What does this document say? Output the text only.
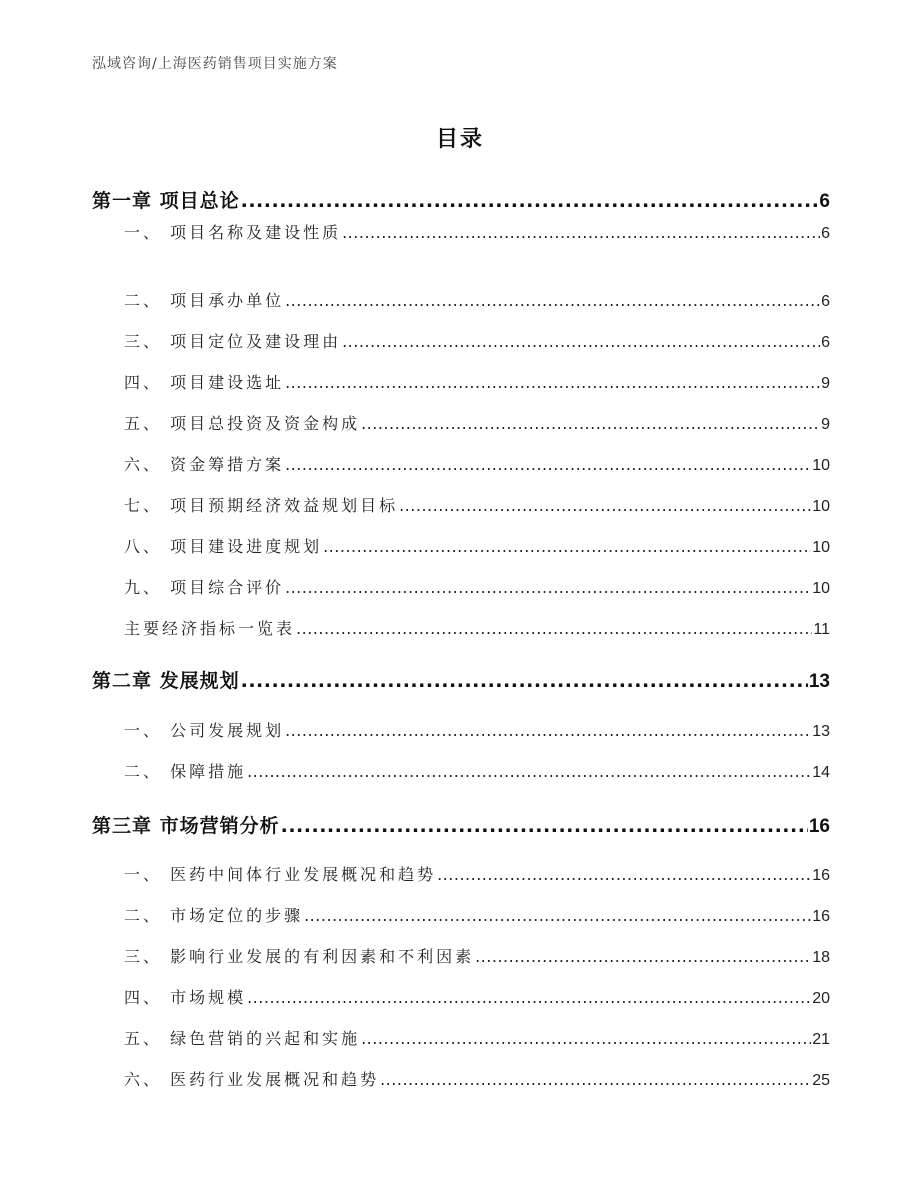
泓域咨询/上海医药销售项目实施方案
目录
第一章 项目总论 .....	6
一、 项目名称及建设性质 .....	6
二、 项目承办单位 .....	6
三、 项目定位及建设理由 .....	6
四、 项目建设选址 .....	9
五、 项目总投资及资金构成 .....	9
六、 资金筹措方案 .....	10
七、 项目预期经济效益规划目标 .....	10
八、 项目建设进度规划 .....	10
九、 项目综合评价 .....	10
主要经济指标一览表 .....	11
第二章 发展规划 .....	13
一、 公司发展规划 .....	13
二、 保障措施 .....	14
第三章 市场营销分析 .....	16
一、 医药中间体行业发展概况和趋势 .....	16
二、 市场定位的步骤 .....	16
三、 影响行业发展的有利因素和不利因素 .....	18
四、 市场规模 .....	20
五、 绿色营销的兴起和实施 .....	21
六、 医药行业发展概况和趋势 .....	25
